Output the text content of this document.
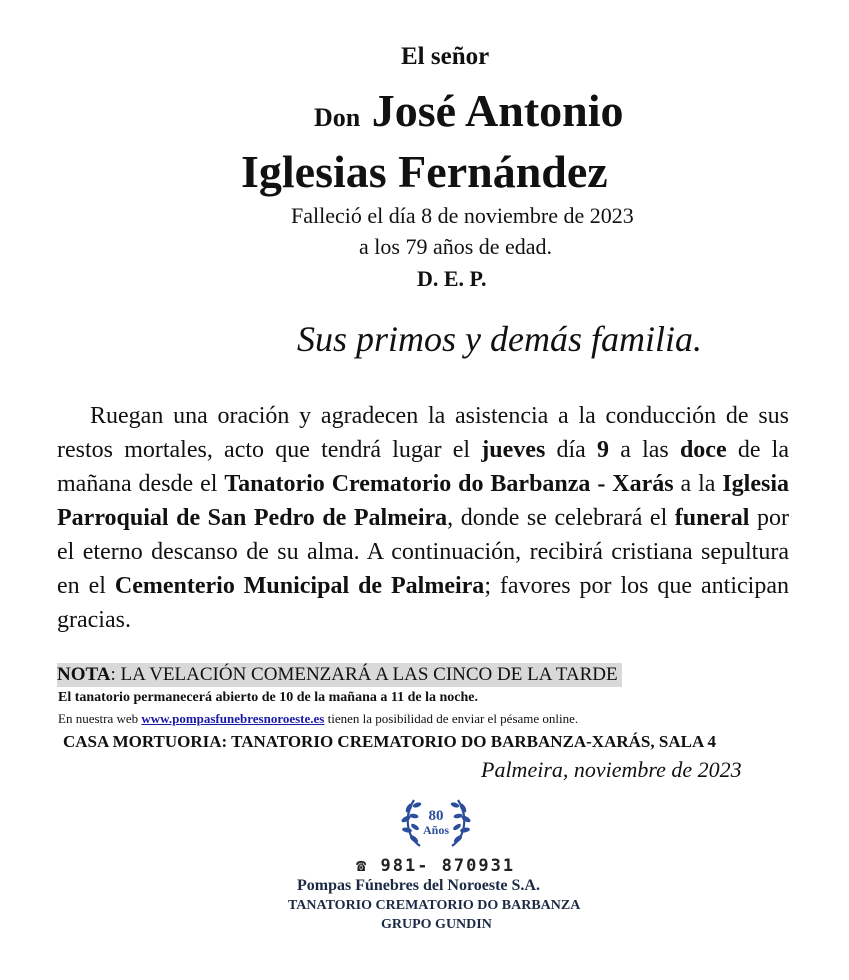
El señor
Don José Antonio
Iglesias Fernández
Falleció el día 8 de noviembre de 2023
a los 79 años de edad.
D. E. P.
Sus primos y demás familia.
Ruegan una oración y agradecen la asistencia a la conducción de sus restos mortales, acto que tendrá lugar el jueves día 9 a las doce de la mañana desde el Tanatorio Crematorio do Barbanza - Xarás a la Iglesia Parroquial de San Pedro de Palmeira, donde se celebrará el funeral por el eterno descanso de su alma. A continuación, recibirá cristiana sepultura en el Cementerio Municipal de Palmeira; favores por los que anticipan gracias.
NOTA: LA VELACIÓN COMENZARÁ A LAS CINCO DE LA TARDE
El tanatorio permanecerá abierto de 10 de la mañana a 11 de la noche.
En nuestra web www.pompasfunebresnoroeste.es tienen la posibilidad de enviar el pésame online.
CASA MORTUORIA: TANATORIO CREMATORIO DO BARBANZA-XARÁS, SALA 4
Palmeira, noviembre de 2023
80
Años
☎ 981- 870931
Pompas Fúnebres del Noroeste S.A.
TANATORIO CREMATORIO DO BARBANZA
GRUPO GUNDIN
